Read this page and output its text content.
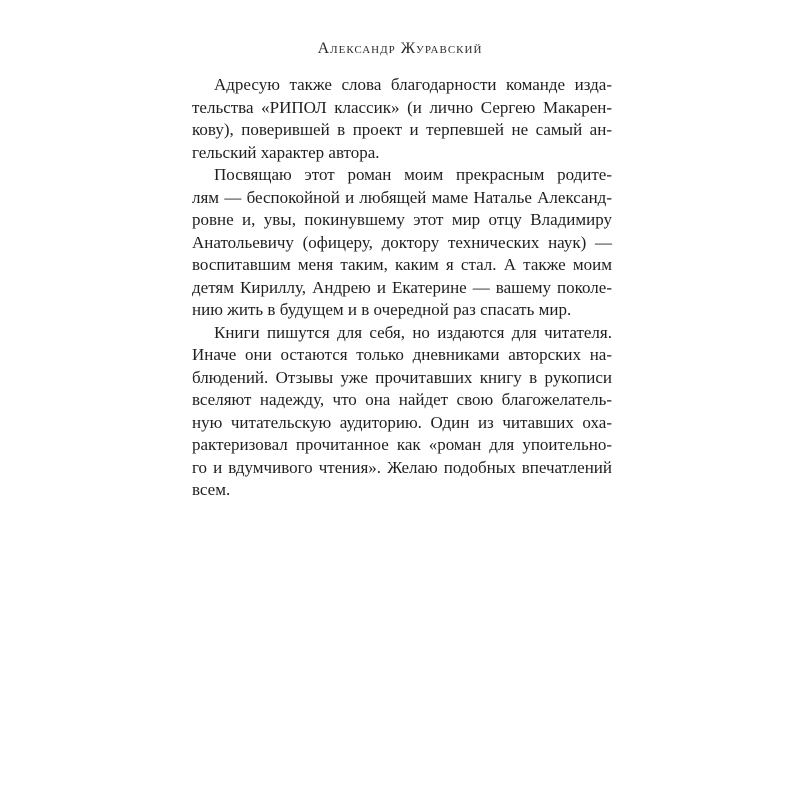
Александр Журавский

Адресую также слова благодарности команде изда-
тельства «РИПОЛ классик» (и лично Сергею Макарен-
кову), поверившей в проект и терпевшей не самый ан-
гельский характер автора.

Посвящаю этот роман моим прекрасным родите-
лям — беспокойной и любящей маме Наталье Александ-
ровне и, увы, покинувшему этот мир отцу Владимиру
Анатольевичу (офицеру, доктору технических наук) —
воспитавшим меня таким, каким я стал. А также моим
детям Кириллу, Андрею и Екатерине — вашему поколе-
нию жить в будущем и в очередной раз спасать мир.

Книги пишутся для себя, но издаются для читателя.
Иначе они остаются только дневниками авторских на-
блюдений. Отзывы уже прочитавших книгу в рукописи
вселяют надежду, что она найдет свою благожелатель-
ную читательскую аудиторию. Один из читавших оха-
рактеризовал прочитанное как «роман для упоительно-
го и вдумчивого чтения». Желаю подобных впечатлений
всем.
